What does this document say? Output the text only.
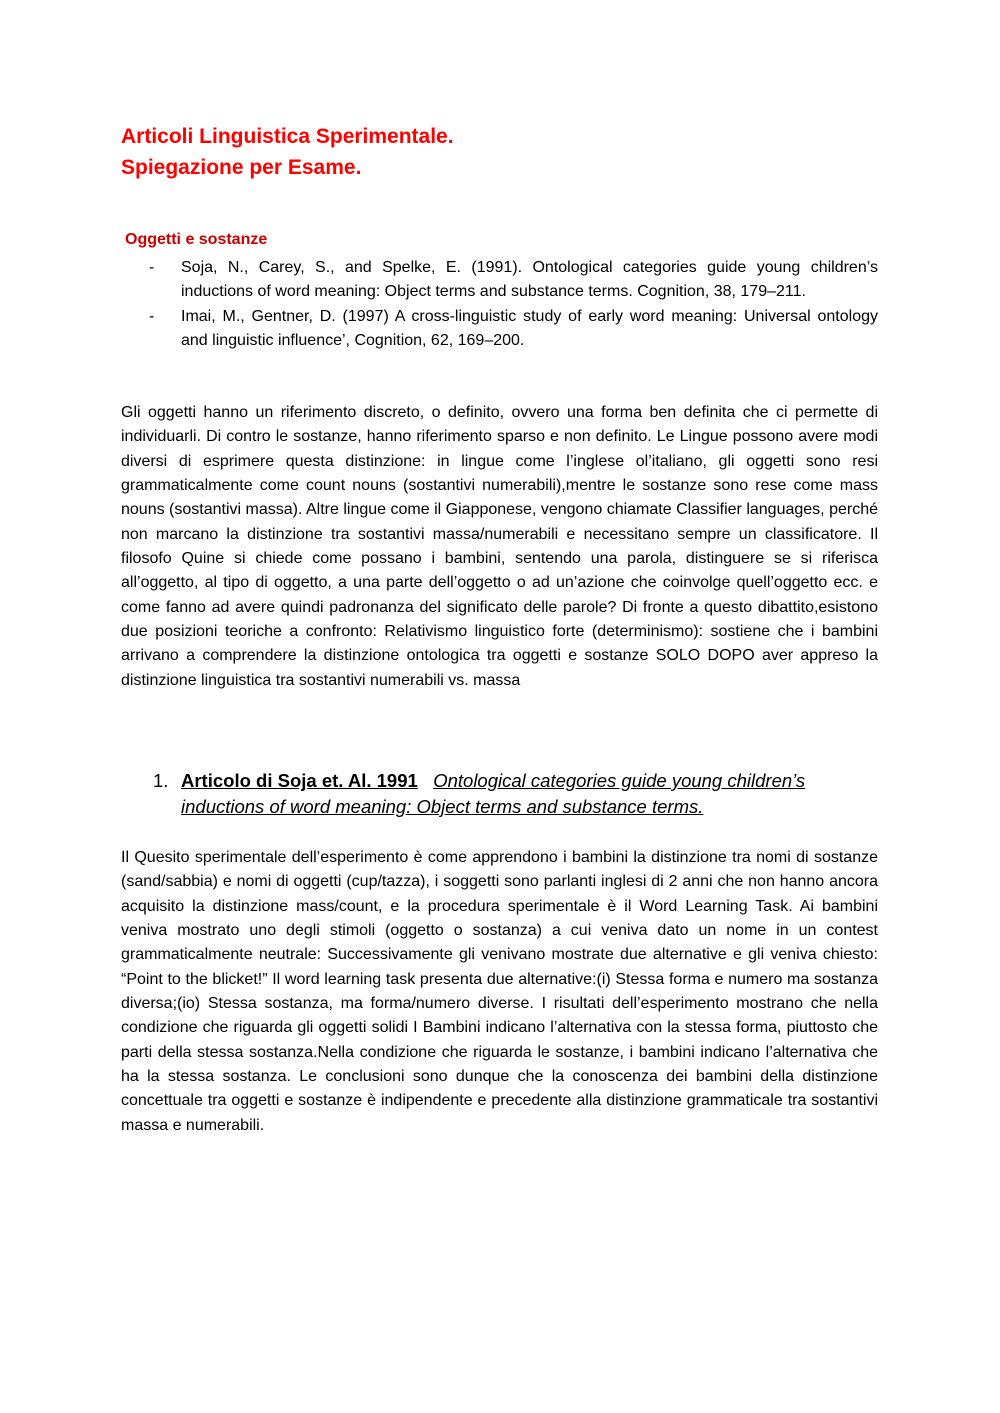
Articoli Linguistica Sperimentale.
Spiegazione per Esame.
Oggetti e sostanze
- Soja, N., Carey, S., and Spelke, E. (1991). Ontological categories guide young children’s inductions of word meaning: Object terms and substance terms. Cognition, 38, 179–211.
- Imai, M., Gentner, D. (1997) A cross-linguistic study of early word meaning: Universal ontology and linguistic influence’, Cognition, 62, 169–200.

Gli oggetti hanno un riferimento discreto, o definito, ovvero una forma ben definita che ci permette di individuarli. Di contro le sostanze, hanno riferimento sparso e non definito. Le Lingue possono avere modi diversi di esprimere questa distinzione: in lingue come l’inglese ol’italiano, gli oggetti sono resi grammaticalmente come count nouns (sostantivi numerabili),mentre le sostanze sono rese come mass nouns (sostantivi massa). Altre lingue come il Giapponese, vengono chiamate Classifier languages, perché non marcano la distinzione tra sostantivi massa/numerabili e necessitano sempre un classificatore. Il filosofo Quine si chiede come possano i bambini, sentendo una parola, distinguere se si riferisca all’oggetto, al tipo di oggetto, a una parte dell’oggetto o ad un’azione che coinvolge quell’oggetto ecc. e come fanno ad avere quindi padronanza del significato delle parole? Di fronte a questo dibattito,esistono due posizioni teoriche a confronto: Relativismo linguistico forte (determinismo): sostiene che i bambini arrivano a comprendere la distinzione ontologica tra oggetti e sostanze SOLO DOPO aver appreso la distinzione linguistica tra sostantivi numerabili vs. massa

1. Articolo di Soja et. Al. 1991 Ontological categories guide young children’s inductions of word meaning: Object terms and substance terms.

Il Quesito sperimentale dell’esperimento è come apprendono i bambini la distinzione tra nomi di sostanze (sand/sabbia) e nomi di oggetti (cup/tazza), i soggetti sono parlanti inglesi di 2 anni che non hanno ancora acquisito la distinzione mass/count, e la procedura sperimentale è il Word Learning Task. Ai bambini veniva mostrato uno degli stimoli (oggetto o sostanza) a cui veniva dato un nome in un contest grammaticalmente neutrale: Successivamente gli venivano mostrate due alternative e gli veniva chiesto: “Point to the blicket!” Il word learning task presenta due alternative:(i) Stessa forma e numero ma sostanza diversa;(io) Stessa sostanza, ma forma/numero diverse. I risultati dell’esperimento mostrano che nella condizione che riguarda gli oggetti solidi I Bambini indicano l’alternativa con la stessa forma, piuttosto che parti della stessa sostanza.Nella condizione che riguarda le sostanze, i bambini indicano l’alternativa che ha la stessa sostanza. Le conclusioni sono dunque che la conoscenza dei bambini della distinzione concettuale tra oggetti e sostanze è indipendente e precedente alla distinzione grammaticale tra sostantivi massa e numerabili.
